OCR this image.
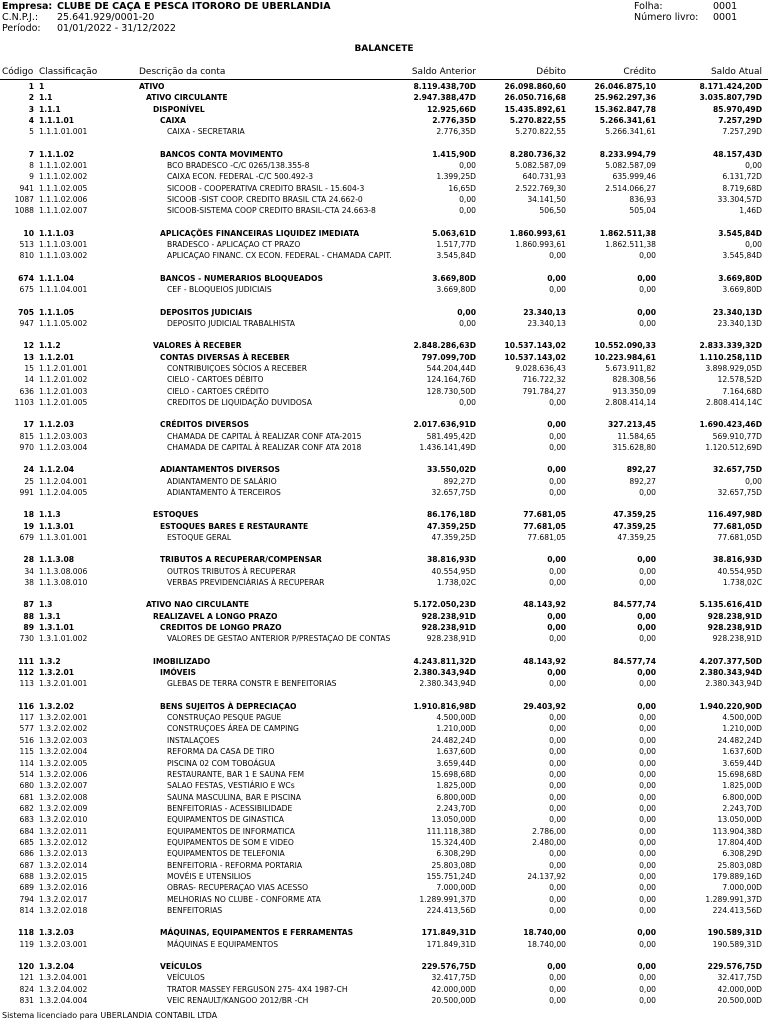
Empresa: CLUBE DE CAÇA E PESCA ITORORO DE UBERLANDIA
C.N.P.J.: 25.641.929/0001-20
Período: 01/01/2022 - 31/12/2022
Folha:	0001
Número livro: 0001
BALANCETE
Código Classificação	Descrição da conta	Saldo Anterior	Débito	Crédito	Saldo Atual
1 1	ATIVO	8.119.438,70D	26.098.860,60	26.046.875,10	8.171.424,20D
2 1.1	ATIVO CIRCULANTE	2.947.388,47D	26.050.716,68	25.962.297,36	3.035.807,79D
3 1.1.1	DISPONÍVEL	12.925,66D	15.435.892,61	15.362.847,78	85.970,49D
4 1.1.1.01	CAIXA	2.776,35D	5.270.822,55	5.266.341,61	7.257,29D
5 1.1.1.01.001	CAIXA - SECRETARIA	2.776,35D	5.270.822,55	5.266.341,61	7.257,29D
7 1.1.1.02	BANCOS CONTA MOVIMENTO	1.415,90D	8.280.736,32	8.233.994,79	48.157,43D
8 1.1.1.02.001	BCO BRADESCO -C/C 0265/138.355-8	0,00	5.082.587,09	5.082.587,09	0,00
9 1.1.1.02.002	CAIXA ECON. FEDERAL -C/C 500.492-3	1.399,25D	640.731,93	635.999,46	6.131,72D
941 1.1.1.02.005	SICOOB - COOPERATIVA CREDITO BRASIL - 15.604-3	16,65D	2.522.769,30	2.514.066,27	8.719,68D
1087 1.1.1.02.006	SICOOB -SIST COOP. CREDITO BRASIL CTA 24.662-0	0,00	34.141,50	836,93	33.304,57D
1088 1.1.1.02.007	SICOOB-SISTEMA COOP CREDITO BRASIL-CTA 24.663-8	0,00	506,50	505,04	1,46D
10 1.1.1.03	APLICAÇÕES FINANCEIRAS LIQUIDEZ IMEDIATA	5.063,61D	1.860.993,61	1.862.511,38	3.545,84D
513 1.1.1.03.001	BRADESCO - APLICAÇAO CT PRAZO	1.517,77D	1.860.993,61	1.862.511,38	0,00
810 1.1.1.03.002	APLICAÇAO FINANC. CX ECON. FEDERAL - CHAMADA CAPIT.	3.545,84D	0,00	0,00	3.545,84D
674 1.1.1.04	BANCOS - NUMERARIOS BLOQUEADOS	3.669,80D	0,00	0,00	3.669,80D
675 1.1.1.04.001	CEF - BLOQUEIOS JUDICIAIS	3.669,80D	0,00	0,00	3.669,80D
705 1.1.1.05	DEPOSITOS JUDICIAIS	0,00	23.340,13	0,00	23.340,13D
947 1.1.1.05.002	DEPOSITO JUDICIAL TRABALHISTA	0,00	23.340,13	0,00	23.340,13D
12 1.1.2	VALORES À RECEBER	2.848.286,63D	10.537.143,02	10.552.090,33	2.833.339,32D
13 1.1.2.01	CONTAS DIVERSAS À RECEBER	797.099,70D	10.537.143,02	10.223.984,61	1.110.258,11D
15 1.1.2.01.001	CONTRIBUIÇOES SÓCIOS A RECEBER	544.204,44D	9.028.636,43	5.673.911,82	3.898.929,05D
14 1.1.2.01.002	CIELO - CARTOES DÉBITO	124.164,76D	716.722,32	828.308,56	12.578,52D
636 1.1.2.01.003	CIELO - CARTOES CRÉDITO	128.730,50D	791.784,27	913.350,09	7.164,68D
1103 1.1.2.01.005	CREDITOS DE LIQUIDAÇÃO DUVIDOSA	0,00	0,00	2.808.414,14	2.808.414,14C
17 1.1.2.03	CRÉDITOS DIVERSOS	2.017.636,91D	0,00	327.213,45	1.690.423,46D
815 1.1.2.03.003	CHAMADA DE CAPITAL À REALIZAR CONF ATA-2015	581.495,42D	0,00	11.584,65	569.910,77D
970 1.1.2.03.004	CHAMADA DE CAPITAL À REALIZAR CONF ATA 2018	1.436.141,49D	0,00	315.628,80	1.120.512,69D
24 1.1.2.04	ADIANTAMENTOS DIVERSOS	33.550,02D	0,00	892,27	32.657,75D
25 1.1.2.04.001	ADIANTAMENTO DE SALÁRIO	892,27D	0,00	892,27	0,00
991 1.1.2.04.005	ADIANTAMENTO À TERCEIROS	32.657,75D	0,00	0,00	32.657,75D
18 1.1.3	ESTOQUES	86.176,18D	77.681,05	47.359,25	116.497,98D
19 1.1.3.01	ESTOQUES BARES E RESTAURANTE	47.359,25D	77.681,05	47.359,25	77.681,05D
679 1.1.3.01.001	ESTOQUE GERAL	47.359,25D	77.681,05	47.359,25	77.681,05D
28 1.1.3.08	TRIBUTOS A RECUPERAR/COMPENSAR	38.816,93D	0,00	0,00	38.816,93D
34 1.1.3.08.006	OUTROS TRIBUTOS À RECUPERAR	40.554,95D	0,00	0,00	40.554,95D
38 1.1.3.08.010	VERBAS PREVIDENCIÁRIAS À RECUPERAR	1.738,02C	0,00	0,00	1.738,02C
87 1.3	ATIVO NAO CIRCULANTE	5.172.050,23D	48.143,92	84.577,74	5.135.616,41D
88 1.3.1	REALIZAVEL A LONGO PRAZO	928.238,91D	0,00	0,00	928.238,91D
89 1.3.1.01	CREDITOS DE LONGO PRAZO	928.238,91D	0,00	0,00	928.238,91D
730 1.3.1.01.002	VALORES DE GESTAO ANTERIOR P/PRESTAÇAO DE CONTAS	928.238,91D	0,00	0,00	928.238,91D
111 1.3.2	IMOBILIZADO	4.243.811,32D	48.143,92	84.577,74	4.207.377,50D
112 1.3.2.01	IMÓVEIS	2.380.343,94D	0,00	0,00	2.380.343,94D
113 1.3.2.01.001	GLEBAS DE TERRA CONSTR E BENFEITORIAS	2.380.343,94D	0,00	0,00	2.380.343,94D
116 1.3.2.02	BENS SUJEITOS À DEPRECIAÇAO	1.910.816,98D	29.403,92	0,00	1.940.220,90D
117 1.3.2.02.001	CONSTRUÇAO PESQUE PAGUE	4.500,00D	0,00	0,00	4.500,00D
577 1.3.2.02.002	CONSTRUÇOES ÁREA DE CAMPING	1.210,00D	0,00	0,00	1.210,00D
516 1.3.2.02.003	INSTALAÇOES	24.482,24D	0,00	0,00	24.482,24D
115 1.3.2.02.004	REFORMA DA CASA DE TIRO	1.637,60D	0,00	0,00	1.637,60D
114 1.3.2.02.005	PISCINA 02 COM TOBOÁGUA	3.659,44D	0,00	0,00	3.659,44D
514 1.3.2.02.006	RESTAURANTE, BAR 1 E SAUNA FEM	15.698,68D	0,00	0,00	15.698,68D
680 1.3.2.02.007	SALAO FESTAS, VESTIÁRIO E WCs	1.825,00D	0,00	0,00	1.825,00D
681 1.3.2.02.008	SAUNA MASCULINA, BAR E PISCINA	6.800,00D	0,00	0,00	6.800,00D
682 1.3.2.02.009	BENFEITORIAS - ACESSIBILIDADE	2.243,70D	0,00	0,00	2.243,70D
683 1.3.2.02.010	EQUIPAMENTOS DE GINASTICA	13.050,00D	0,00	0,00	13.050,00D
684 1.3.2.02.011	EQUIPAMENTOS DE INFORMATICA	111.118,38D	2.786,00	0,00	113.904,38D
685 1.3.2.02.012	EQUIPAMENTOS DE SOM E VIDEO	15.324,40D	2.480,00	0,00	17.804,40D
686 1.3.2.02.013	EQUIPAMENTOS DE TELEFONIA	6.308,29D	0,00	0,00	6.308,29D
687 1.3.2.02.014	BENFEITORIA - REFORMA PORTARIA	25.803,08D	0,00	0,00	25.803,08D
688 1.3.2.02.015	MOVÉIS E UTENSILIOS	155.751,24D	24.137,92	0,00	179.889,16D
689 1.3.2.02.016	OBRAS- RECUPERAÇAO VIAS ACESSO	7.000,00D	0,00	0,00	7.000,00D
794 1.3.2.02.017	MELHORIAS NO CLUBE - CONFORME ATA	1.289.991,37D	0,00	0,00	1.289.991,37D
814 1.3.2.02.018	BENFEITORIAS	224.413,56D	0,00	0,00	224.413,56D
118 1.3.2.03	MÁQUINAS, EQUIPAMENTOS E FERRAMENTAS	171.849,31D	18.740,00	0,00	190.589,31D
119 1.3.2.03.001	MÁQUINAS E EQUIPAMENTOS	171.849,31D	18.740,00	0,00	190.589,31D
120 1.3.2.04	VEÍCULOS	229.576,75D	0,00	0,00	229.576,75D
121 1.3.2.04.001	VEÍCULOS	32.417,75D	0,00	0,00	32.417,75D
824 1.3.2.04.002	TRATOR MASSEY FERGUSON 275- 4X4 1987-CH	42.000,00D	0,00	0,00	42.000,00D
831 1.3.2.04.004	VEIC RENAULT/KANGOO 2012/BR -CH	20.500,00D	0,00	0,00	20.500,00D
Sistema licenciado para UBERLANDIA CONTABIL LTDA
